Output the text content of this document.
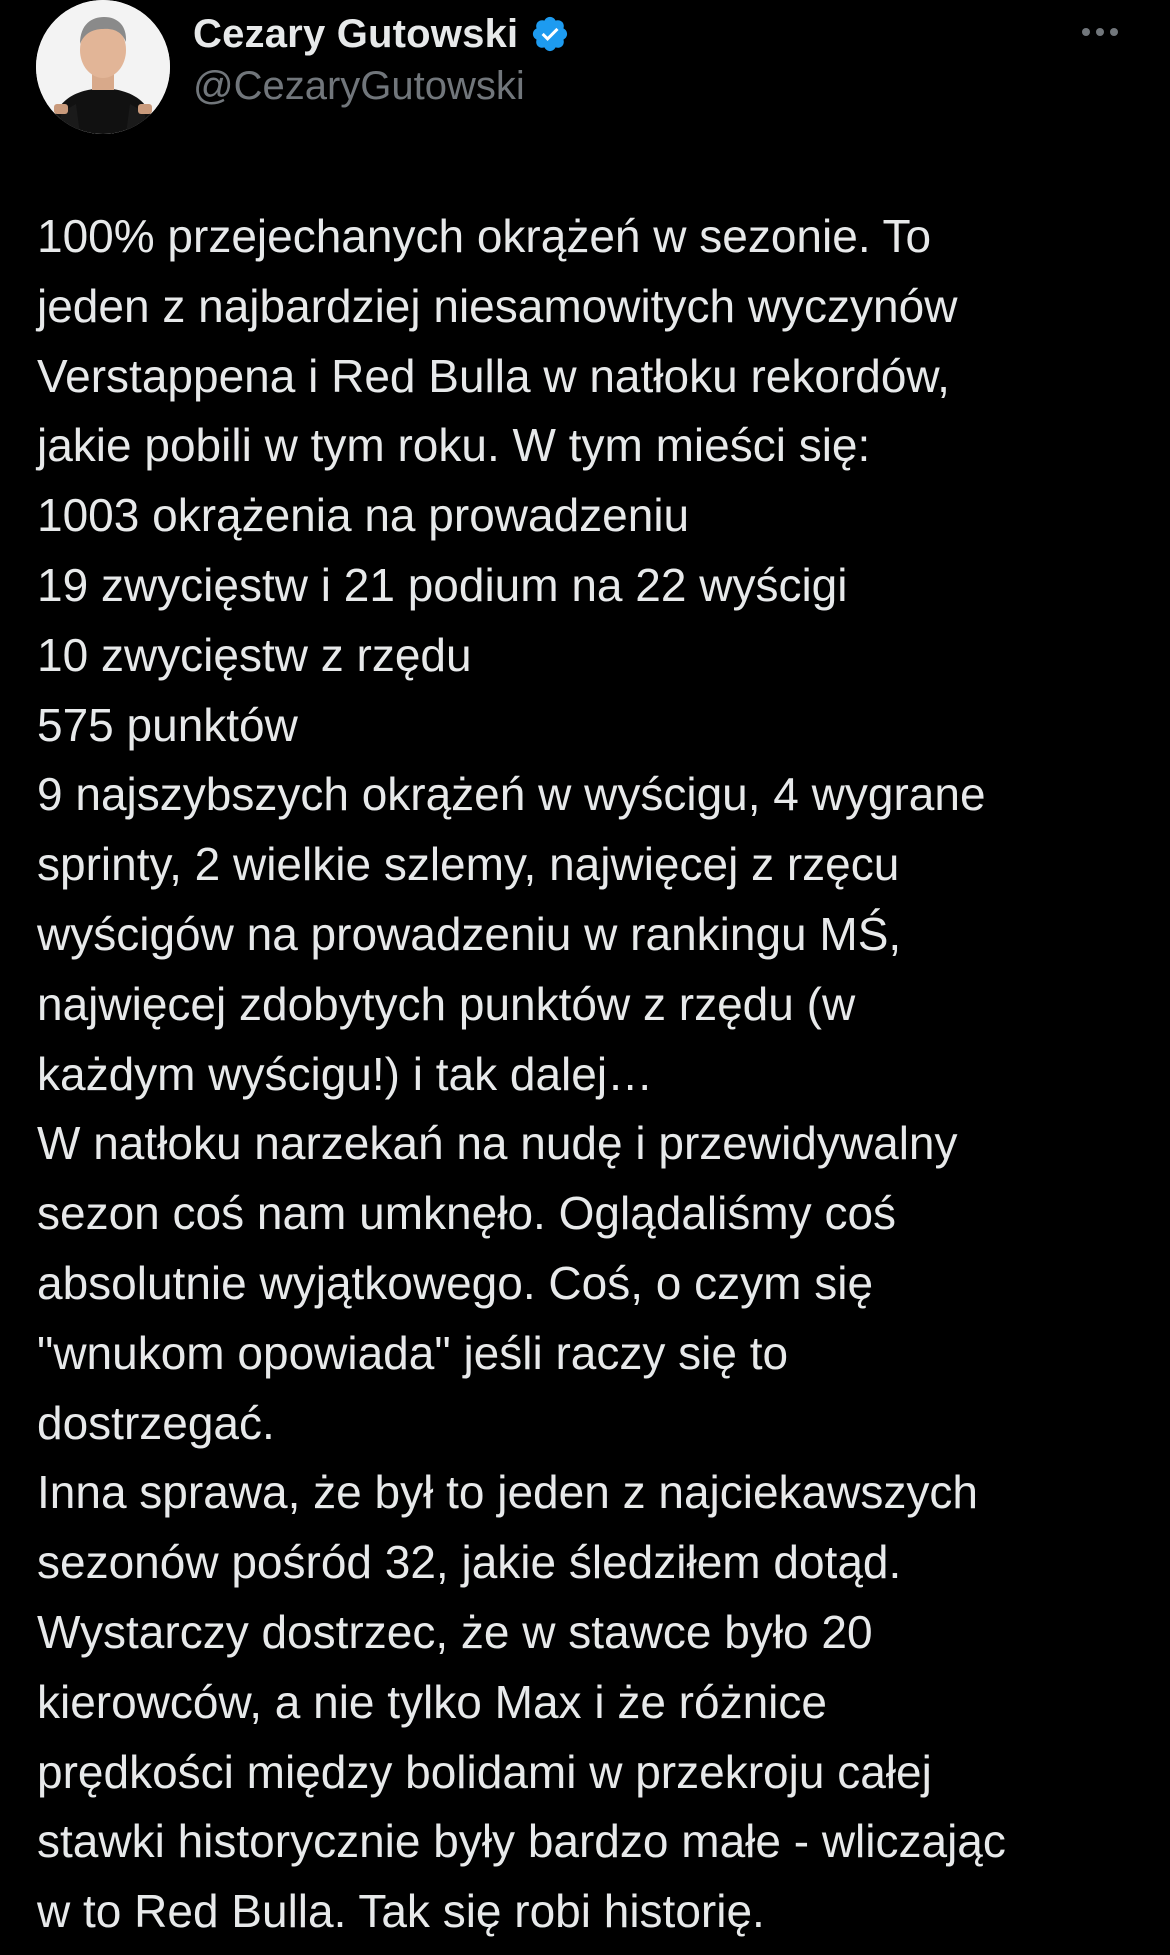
Cezary Gutowski
@CezaryGutowski
100% przejechanych okrążeń w sezonie. To
jeden z najbardziej niesamowitych wyczynów
Verstappena i Red Bulla w natłoku rekordów,
jakie pobili w tym roku. W tym mieści się:
1003 okrążenia na prowadzeniu
19 zwycięstw i 21 podium na 22 wyścigi
10 zwycięstw z rzędu
575 punktów
9 najszybszych okrążeń w wyścigu, 4 wygrane
sprinty, 2 wielkie szlemy, najwięcej z rzęcu
wyścigów na prowadzeniu w rankingu MŚ,
najwięcej zdobytych punktów z rzędu (w
każdym wyścigu!) i tak dalej…
W natłoku narzekań na nudę i przewidywalny
sezon coś nam umknęło. Oglądaliśmy coś
absolutnie wyjątkowego. Coś, o czym się
"wnukom opowiada" jeśli raczy się to
dostrzegać.
Inna sprawa, że był to jeden z najciekawszych
sezonów pośród 32, jakie śledziłem dotąd.
Wystarczy dostrzec, że w stawce było 20
kierowców, a nie tylko Max i że różnice
prędkości między bolidami w przekroju całej
stawki historycznie były bardzo małe - wliczając
w to Red Bulla. Tak się robi historię.
